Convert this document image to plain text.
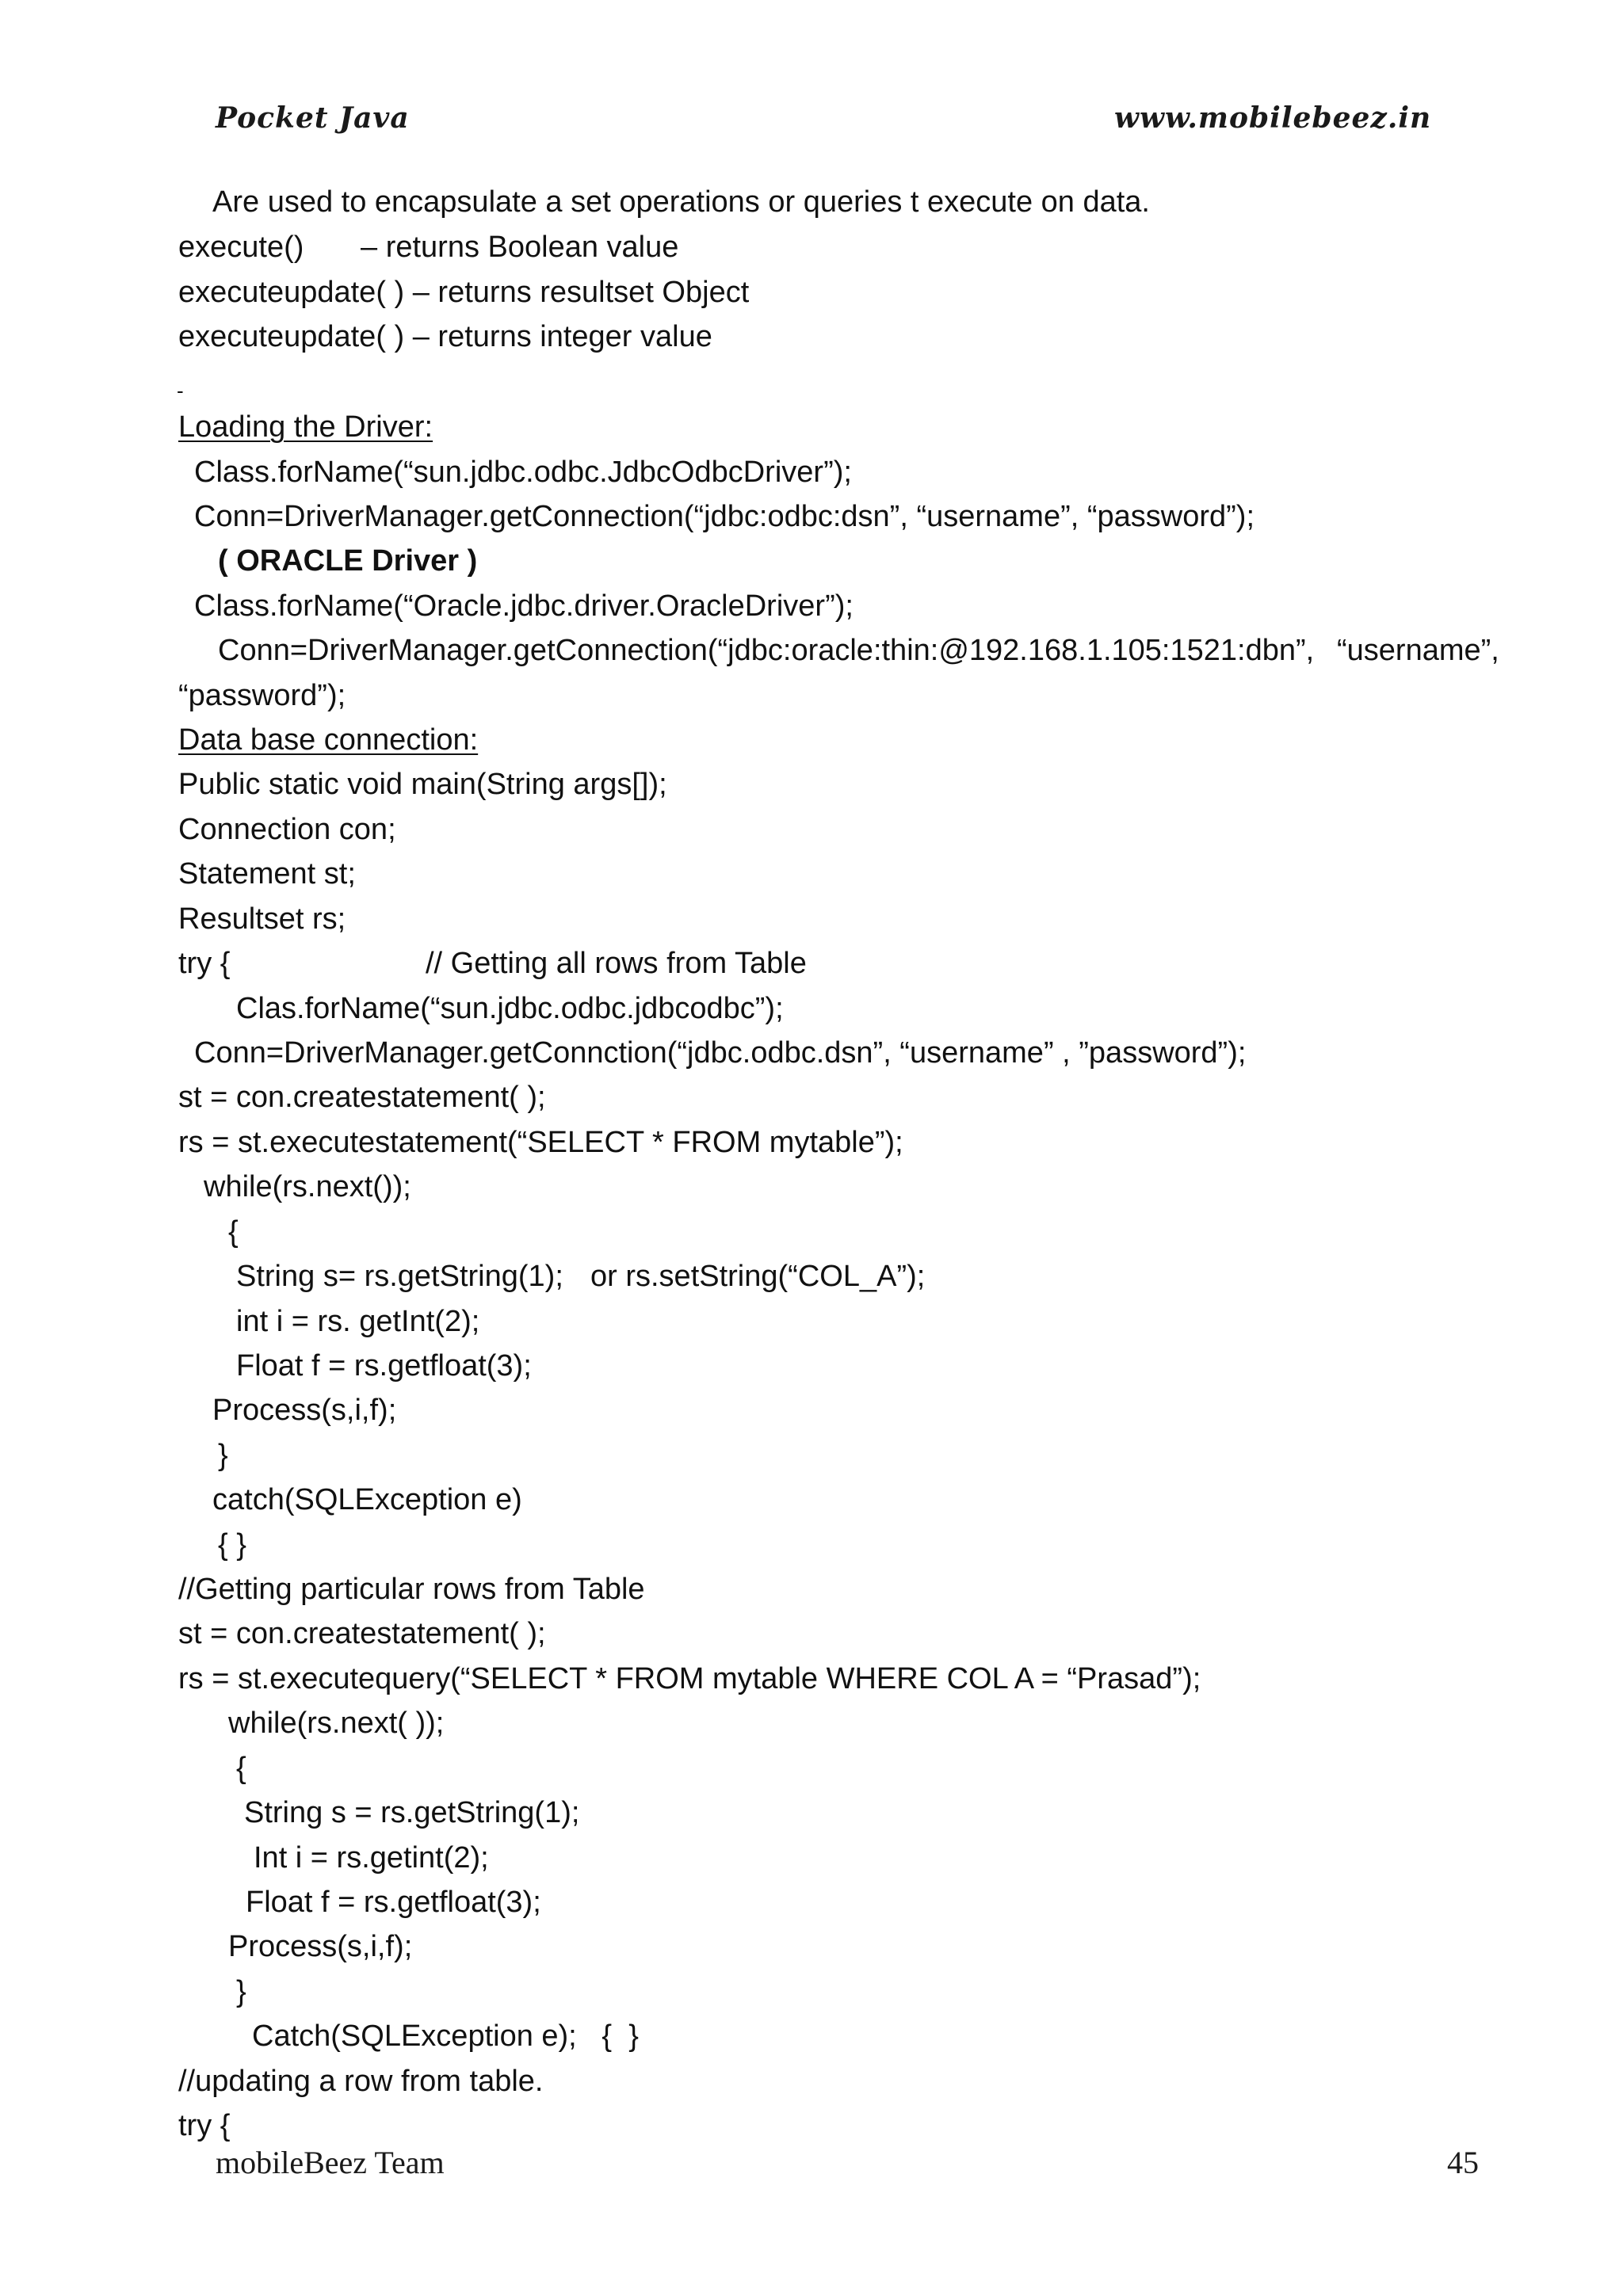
Pocket Java	www.mobilebeez.in
Are used to encapsulate a set operations or queries t execute on data.
execute() – returns Boolean value
executeupdate( ) – returns resultset Object
executeupdate( ) – returns integer value
-
Loading the Driver:
Class.forName(“sun.jdbc.odbc.JdbcOdbcDriver”);
Conn=DriverManager.getConnection(“jdbc:odbc:dsn”, “username”, “password”);
( ORACLE Driver )
Class.forName(“Oracle.jdbc.driver.OracleDriver”);
Conn=DriverManager.getConnection(“jdbc:oracle:thin:@192.168.1.105:1521:dbn”, “username”,
“password”);
Data base connection:
Public static void main(String args[]);
Connection con;
Statement st;
Resultset rs;
try {	// Getting all rows from Table
Clas.forName(“sun.jdbc.odbc.jdbcodbc”);
Conn=DriverManager.getConnction(“jdbc.odbc.dsn”, “username” , ”password”);
st = con.createstatement( );
rs = st.executestatement(“SELECT * FROM mytable”);
while(rs.next());
{
String s= rs.getString(1); or rs.setString(“COL_A”);
int i = rs. getInt(2);
Float f = rs.getfloat(3);
Process(s,i,f);
}
catch(SQLException e)
{ }
//Getting particular rows from Table
st = con.createstatement( );
rs = st.executequery(“SELECT * FROM mytable WHERE COL A = “Prasad”);
while(rs.next( ));
{
String s = rs.getString(1);
Int i = rs.getint(2);
Float f = rs.getfloat(3);
Process(s,i,f);
}
Catch(SQLException e);   {  }
//updating a row from table.
try {
mobileBeez Team	45
